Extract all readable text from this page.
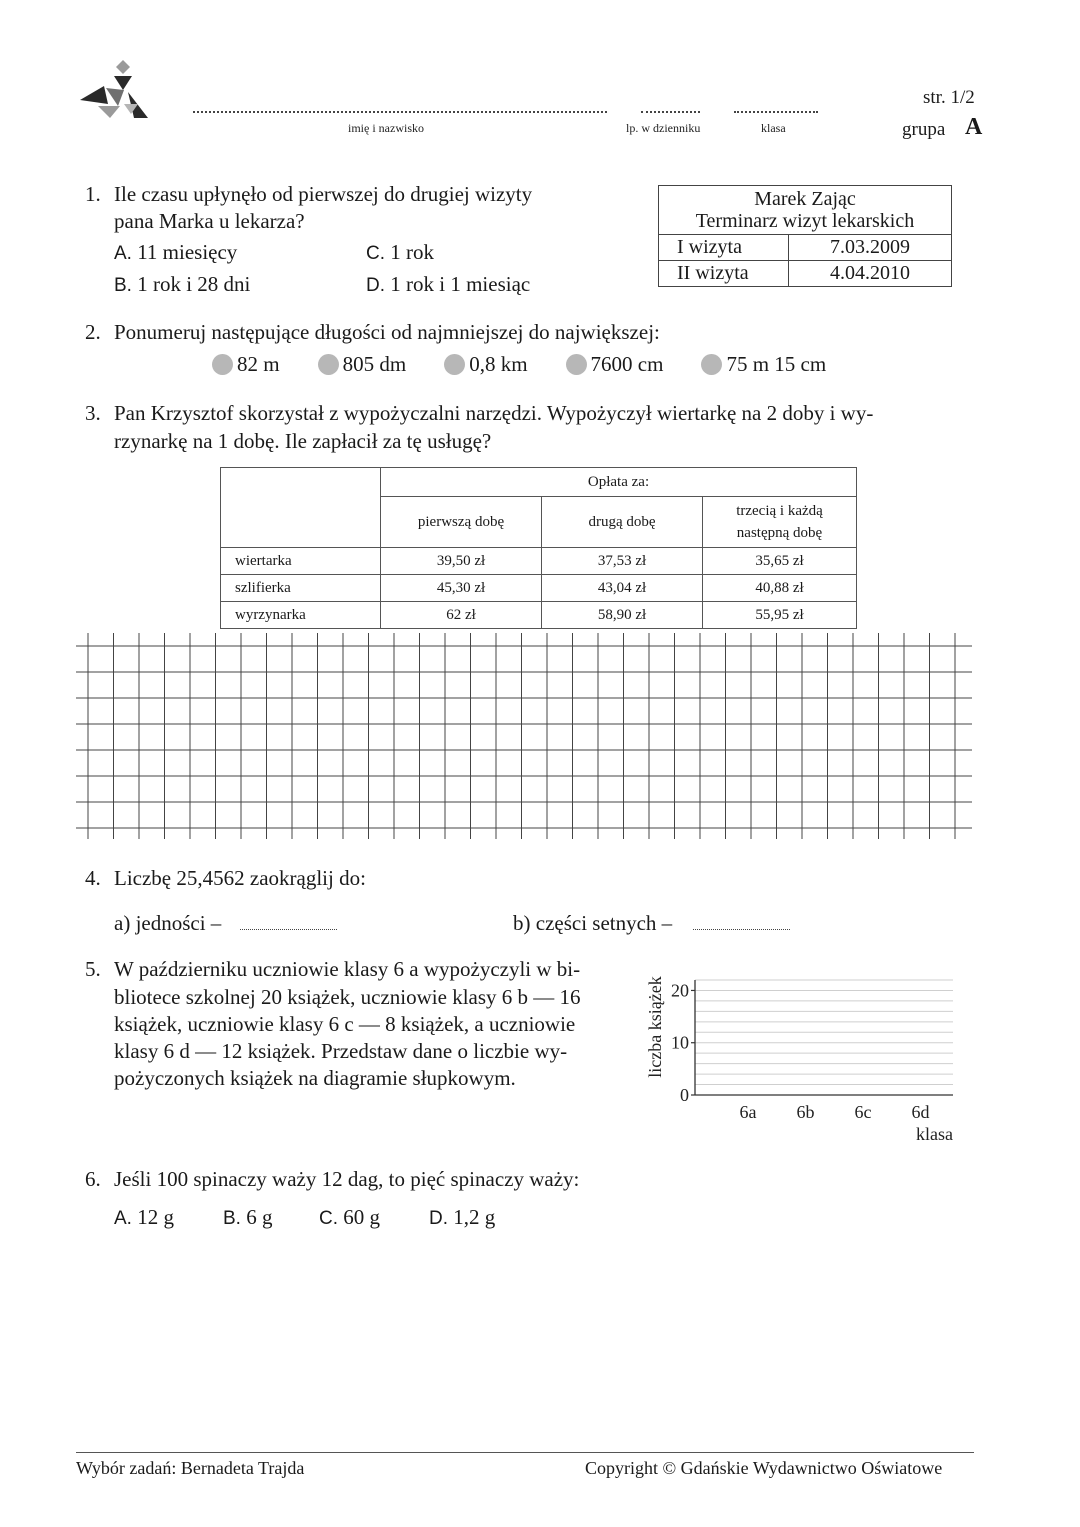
imię i nazwisko	lp. w dzienniku	klasa
str. 1/2
grupa A
1. Ile czasu upłynęło od pierwszej do drugiej wizyty
pana Marka u lekarza?
A. 11 miesięcy	C. 1 rok
B. 1 rok i 28 dni	D. 1 rok i 1 miesiąc
Marek Zając
Terminarz wizyt lekarskich	

I wizyta	7.03.2009
II wizyta	4.04.2010
2. Ponumeruj następujące długości od najmniejszej do największej:
82 m	805 dm	0,8 km	7600 cm	75 m 15 cm
3. Pan Krzysztof skorzystał z wypożyczalni narzędzi. Wypożyczył wiertarkę na 2 doby i wy-
rzynarkę na 1 dobę. Ile zapłacił za tę usługę?
	Opłata za:		
	pierwszą dobę	drugą dobę	trzecią i każdą
następną dobę

wiertarka	39,50 zł	37,53 zł	35,65 zł
szlifierka	45,30 zł	43,04 zł	40,88 zł
wyrzynarka	62 zł	58,90 zł	55,95 zł
4. Liczbę 25,4562 zaokrąglij do:
a) jedności –	b) części setnych –
5. W październiku uczniowie klasy 6 a wypożyczyli w bi-
bliotece szkolnej 20 książek, uczniowie klasy 6 b — 16
książek, uczniowie klasy 6 c — 8 książek, a uczniowie
klasy 6 d — 12 książek. Przedstaw dane o liczbie wy-
pożyczonych książek na diagramie słupkowym.
liczba książek
klasa
0
10
20
6a 6b 6c 6d
6. Jeśli 100 spinaczy waży 12 dag, to pięć spinaczy waży:
A. 12 g	B. 6 g C. 60 g	D. 1,2 g
Wybór zadań: Bernadeta Trajda	Copyright © Gdańskie Wydawnictwo Oświatowe
